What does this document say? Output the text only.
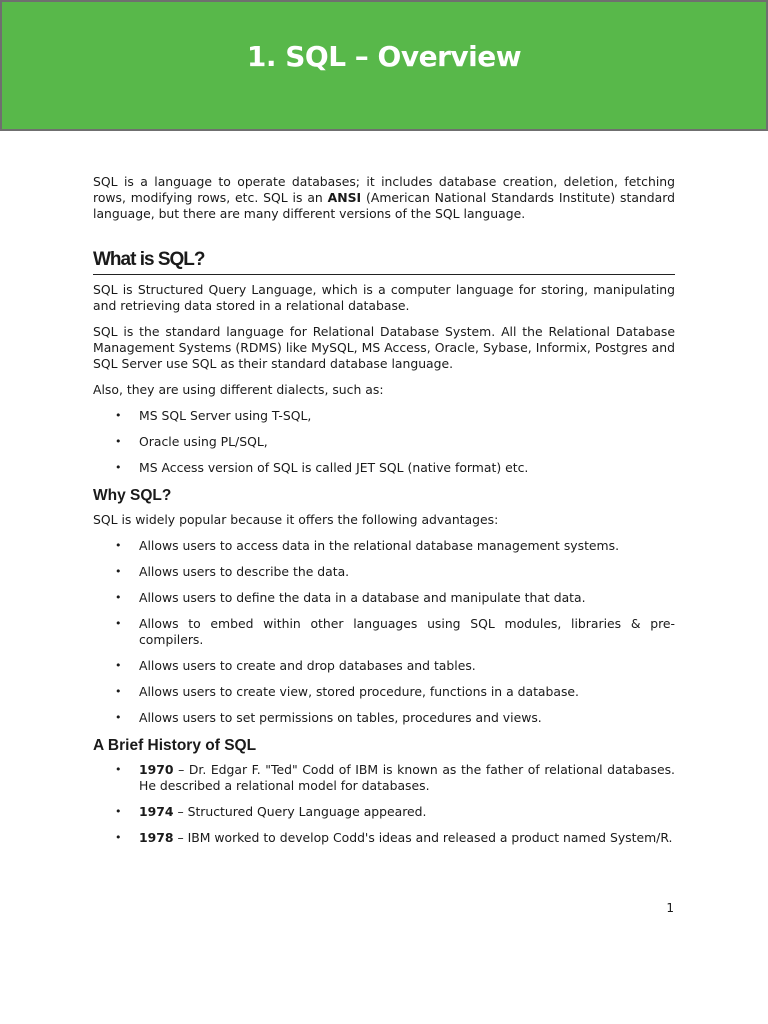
1. SQL – Overview

SQL is a language to operate databases; it includes database creation, deletion, fetching rows, modifying rows, etc. SQL is an ANSI (American National Standards Institute) standard language, but there are many different versions of the SQL language.

What is SQL?

SQL is Structured Query Language, which is a computer language for storing, manipulating and retrieving data stored in a relational database.

SQL is the standard language for Relational Database System. All the Relational Database Management Systems (RDMS) like MySQL, MS Access, Oracle, Sybase, Informix, Postgres and SQL Server use SQL as their standard database language.

Also, they are using different dialects, such as:

• MS SQL Server using T-SQL,
• Oracle using PL/SQL,
• MS Access version of SQL is called JET SQL (native format) etc.
Why SQL?

SQL is widely popular because it offers the following advantages:

• Allows users to access data in the relational database management systems.
• Allows users to describe the data.
• Allows users to define the data in a database and manipulate that data.
• Allows to embed within other languages using SQL modules, libraries & pre-compilers.
• Allows users to create and drop databases and tables.
• Allows users to create view, stored procedure, functions in a database.
• Allows users to set permissions on tables, procedures and views.
A Brief History of SQL
• 1970 – Dr. Edgar F. "Ted" Codd of IBM is known as the father of relational databases. He described a relational model for databases.
• 1974 – Structured Query Language appeared.
• 1978 – IBM worked to develop Codd's ideas and released a product named System/R.
1
